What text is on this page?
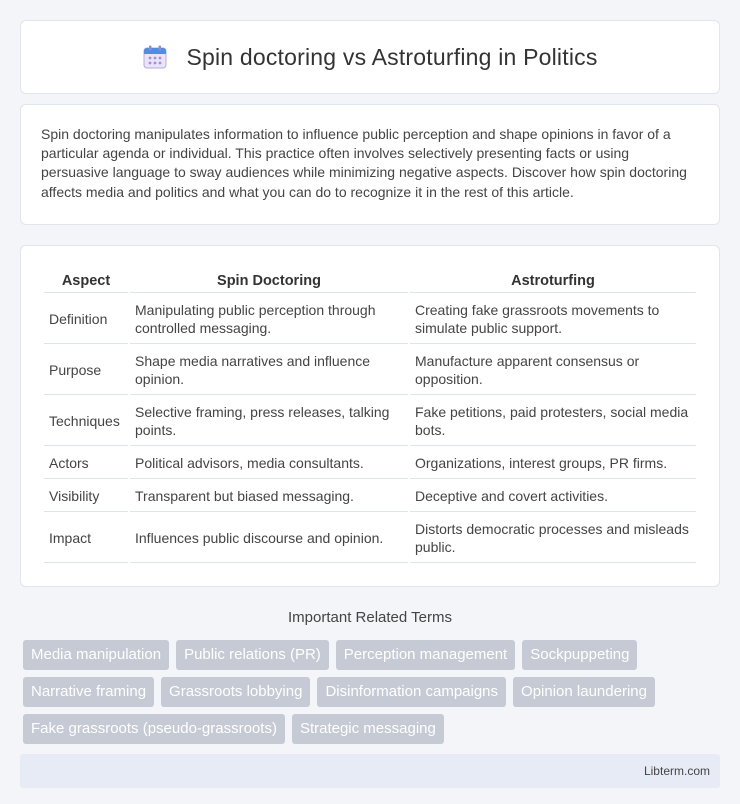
Spin doctoring vs Astroturfing in Politics

Spin doctoring manipulates information to influence public perception and shape opinions in favor of a particular agenda or individual. This practice often involves selectively presenting facts or using persuasive language to sway audiences while minimizing negative aspects. Discover how spin doctoring affects media and politics and what you can do to recognize it in the rest of this article.

Aspect	Spin Doctoring	Astroturfing
Definition	Manipulating public perception through controlled messaging.	Creating fake grassroots movements to simulate public support.
Purpose	Shape media narratives and influence opinion.	Manufacture apparent consensus or opposition.
Techniques	Selective framing, press releases, talking points.	Fake petitions, paid protesters, social media bots.
Actors	Political advisors, media consultants.	Organizations, interest groups, PR firms.
Visibility	Transparent but biased messaging.	Deceptive and covert activities.
Impact	Influences public discourse and opinion.	Distorts democratic processes and misleads public.
Important Related Terms
Media manipulation	Public relations (PR)	Perception management	Sockpuppeting
Narrative framing	Grassroots lobbying	Disinformation campaigns	Opinion laundering
Fake grassroots (pseudo-grassroots)	Strategic messaging
Libterm.com
